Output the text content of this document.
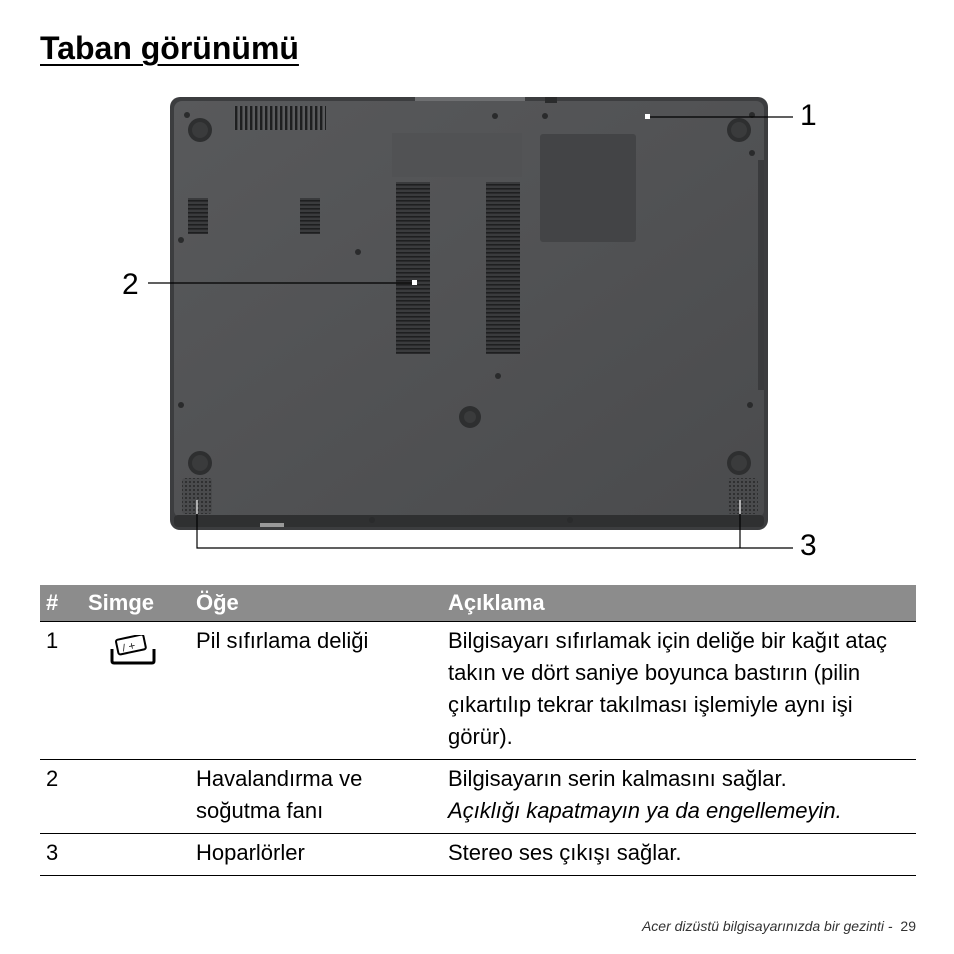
Taban görünümü
1
2
3
#	Simge	Öğe	Açıklama
1	/ +	Pil sıfırlama deliği	Bilgisayarı sıfırlamak için deliğe bir kağıt ataç takın ve dört saniye boyunca bastırın (pilin çıkartılıp tekrar takılması işlemiyle aynı işi görür).
2		Havalandırma ve soğutma fanı	Bilgisayarın serin kalmasını sağlar.
Açıklığı kapatmayın ya da engellemeyin.

3		Hoparlörler	Stereo ses çıkışı sağlar.
Acer dizüstü bilgisayarınızda bir gezinti - 29
